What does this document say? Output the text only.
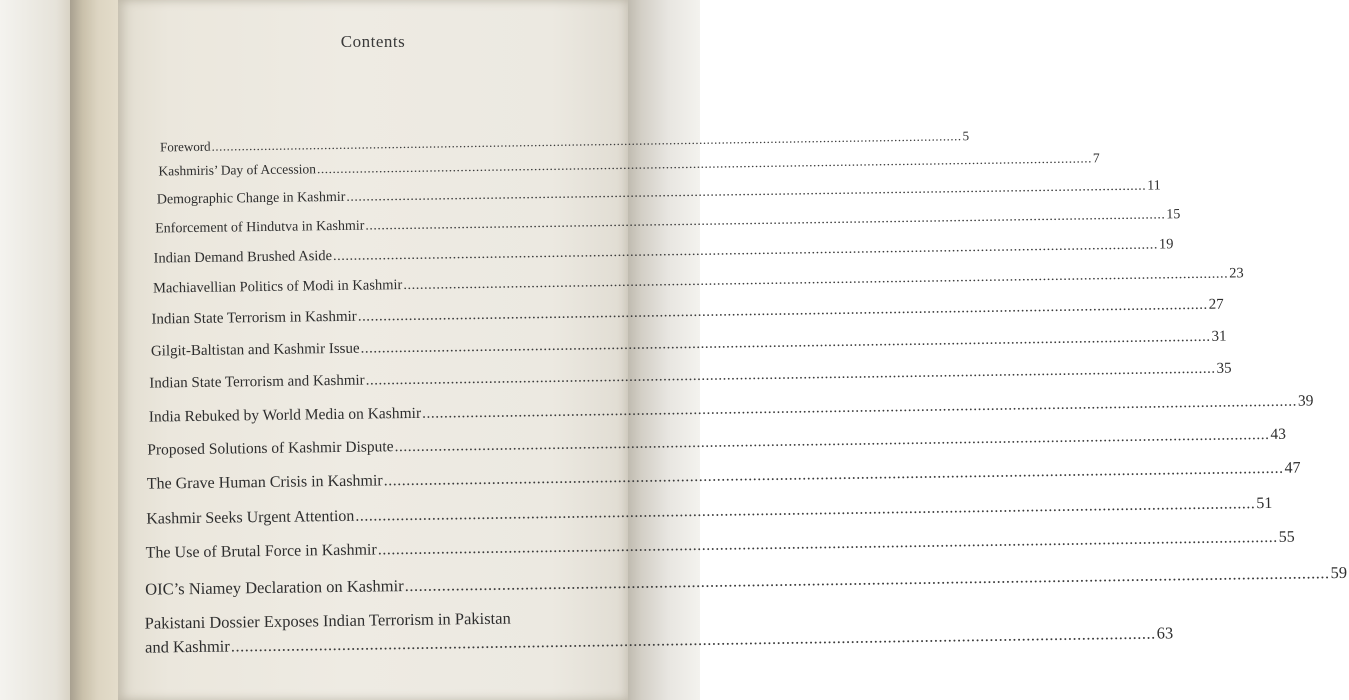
Contents
Foreword ........................................................................................................................................................................................................ 5
Kashmiris’ Day of Accession ........................................................................................................................................................................................................ 7
Demographic Change in Kashmir ........................................................................................................................................................................................................ 11
Enforcement of Hindutva in Kashmir ........................................................................................................................................................................................................ 15
Indian Demand Brushed Aside ........................................................................................................................................................................................................ 19
Machiavellian Politics of Modi in Kashmir ........................................................................................................................................................................................................ 23
Indian State Terrorism in Kashmir ........................................................................................................................................................................................................ 27
Gilgit-Baltistan and Kashmir Issue ........................................................................................................................................................................................................ 31
Indian State Terrorism and Kashmir ........................................................................................................................................................................................................ 35
India Rebuked by World Media on Kashmir ........................................................................................................................................................................................................ 39
Proposed Solutions of Kashmir Dispute ........................................................................................................................................................................................................ 43
The Grave Human Crisis in Kashmir ........................................................................................................................................................................................................ 47
Kashmir Seeks Urgent Attention ........................................................................................................................................................................................................ 51
The Use of Brutal Force in Kashmir ........................................................................................................................................................................................................ 55
OIC’s Niamey Declaration on Kashmir ........................................................................................................................................................................................................ 59
Pakistani Dossier Exposes Indian Terrorism in Pakistan
and Kashmir ........................................................................................................................................................................................................ 63
